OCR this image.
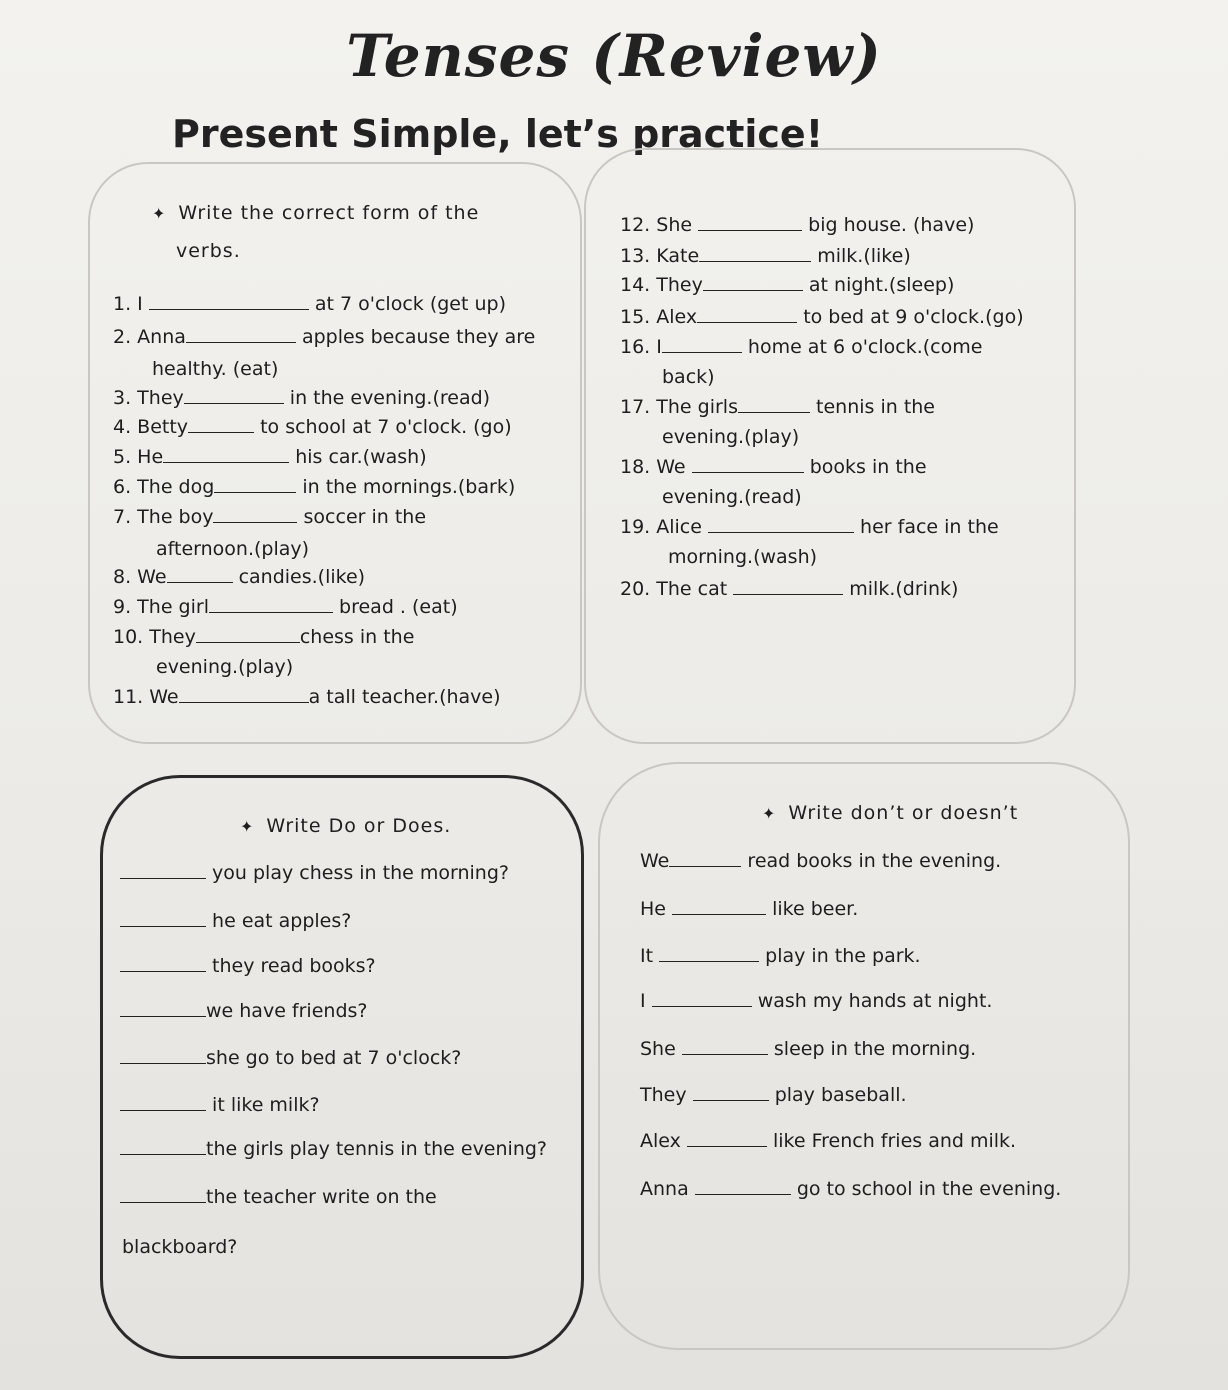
Tenses (Review)
Present Simple, let’s practice!
✦ Write the correct form of the
verbs.
1. I	at 7 o'clock (get up)
2. Anna	apples because they are
healthy. (eat)
3. They	in the evening.(read)
4. Betty	to school at 7 o'clock. (go)
5. He	his car.(wash)
6. The dog	in the mornings.(bark)
7. The boy	soccer in the
afternoon.(play)
8. We	candies.(like)
9. The girl	bread . (eat)
10. They	chess in the
evening.(play)
11. We	a tall teacher.(have)
12. She	big house. (have)
13. Kate	milk.(like)
14. They	at night.(sleep)
15. Alex	to bed at 9 o'clock.(go)
16. I	home at 6 o'clock.(come
back)
17. The girls	tennis in the
evening.(play)
18. We	books in the
evening.(read)
19. Alice	her face in the
morning.(wash)
20. The cat	milk.(drink)
✦ Write Do or Does.
you play chess in the morning?
he eat apples?
they read books?
we have friends?
she go to bed at 7 o'clock?
it like milk?
the girls play tennis in the evening?
the teacher write on the
blackboard?
✦ Write don’t or doesn’t
We	read books in the evening.
He	like beer.
It	play in the park.
I	wash my hands at night.
She	sleep in the morning.
They	play baseball.
Alex	like French fries and milk.
Anna	go to school in the evening.
